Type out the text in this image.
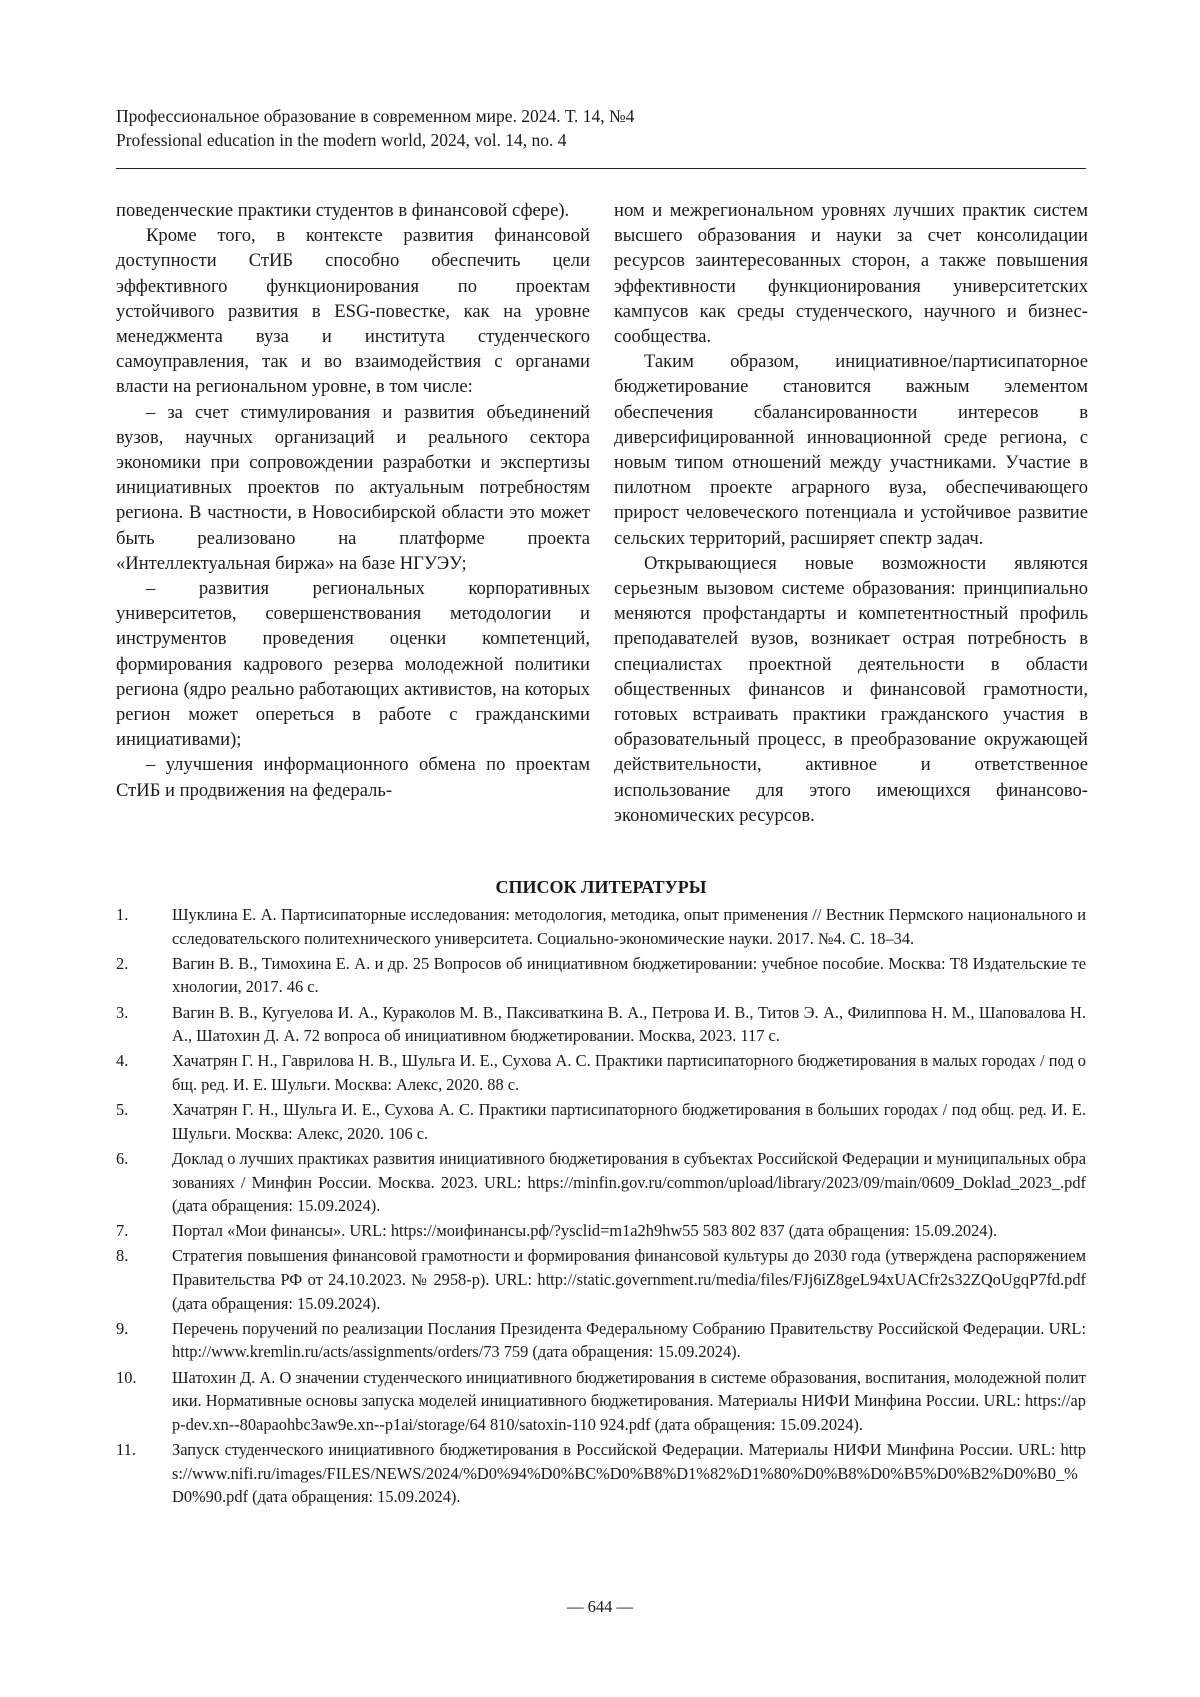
Профессиональное образование в современном мире. 2024. Т. 14, №4
Professional education in the modern world, 2024, vol. 14, no. 4

поведенческие практики студентов в финансовой сфере).

Кроме того, в контексте развития финансовой доступности СтИБ способно обеспечить цели эффективного функционирования по проектам устойчивого развития в ESG-повестке, как на уровне менеджмента вуза и института студенческого самоуправления, так и во взаимодействия с органами власти на региональном уровне, в том числе:

– за счет стимулирования и развития объединений вузов, научных организаций и реального сектора экономики при сопровождении разработки и экспертизы инициативных проектов по актуальным потребностям региона. В частности, в Новосибирской области это может быть реализовано на платформе проекта «Интеллектуальная биржа» на базе НГУЭУ;

– развития региональных корпоративных университетов, совершенствования методологии и инструментов проведения оценки компетенций, формирования кадрового резерва молодежной политики региона (ядро реально работающих активистов, на которых регион может опереться в работе с гражданскими инициативами);

– улучшения информационного обмена по проектам СтИБ и продвижения на федераль-

ном и межрегиональном уровнях лучших практик систем высшего образования и науки за счет консолидации ресурсов заинтересованных сторон, а также повышения эффективности функционирования университетских кампусов как среды студенческого, научного и бизнес-сообщества.

Таким образом, инициативное/партисипаторное бюджетирование становится важным элементом обеспечения сбалансированности интересов в диверсифицированной инновационной среде региона, с новым типом отношений между участниками. Участие в пилотном проекте аграрного вуза, обеспечивающего прирост человеческого потенциала и устойчивое развитие сельских территорий, расширяет спектр задач.

Открывающиеся новые возможности являются серьезным вызовом системе образования: принципиально меняются профстандарты и компетентностный профиль преподавателей вузов, возникает острая потребность в специалистах проектной деятельности в области общественных финансов и финансовой грамотности, готовых встраивать практики гражданского участия в образовательный процесс, в преобразование окружающей действительности, активное и ответственное использование для этого имеющихся финансово-экономических ресурсов.

СПИСОК ЛИТЕРАТУРЫ
1.	Шуклина Е. А. Партисипаторные исследования: методология, методика, опыт применения // Вестник Пермского национального исследовательского политехнического университета. Социально-экономические науки. 2017. №4. С. 18–34.
2.	Вагин В. В., Тимохина Е. А. и др. 25 Вопросов об инициативном бюджетировании: учебное пособие. Москва: Т8 Издательские технологии, 2017. 46 с.
3.	Вагин В. В., Кугуелова И. А., Кураколов М. В., Паксиваткина В. А., Петрова И. В., Титов Э. А., Филиппова Н. М., Шаповалова Н. А., Шатохин Д. А. 72 вопроса об инициативном бюджетировании. Москва, 2023. 117 с.
4.	Хачатрян Г. Н., Гаврилова Н. В., Шульга И. Е., Сухова А. С. Практики партисипаторного бюджетирования в малых городах / под общ. ред. И. Е. Шульги. Москва: Алекс, 2020. 88 с.
5.	Хачатрян Г. Н., Шульга И. Е., Сухова А. С. Практики партисипаторного бюджетирования в больших городах / под общ. ред. И. Е. Шульги. Москва: Алекс, 2020. 106 с.
6.	Доклад о лучших практиках развития инициативного бюджетирования в субъектах Российской Федерации и муниципальных образованиях / Минфин России. Москва. 2023. URL: https://minfin.gov.ru/common/upload/library/2023/09/main/0609_Doklad_2023_.pdf (дата обращения: 15.09.2024).
7.	Портал «Мои финансы». URL: https://моифинансы.рф/?ysclid=m1a2h9hw55 583 802 837 (дата обращения: 15.09.2024).
8.	Стратегия повышения финансовой грамотности и формирования финансовой культуры до 2030 года (утверждена распоряжением Правительства РФ от 24.10.2023. № 2958-р). URL: http://static.government.ru/media/files/FJj6iZ8geL94xUACfr2s32ZQoUgqP7fd.pdf (дата обращения: 15.09.2024).
9.	Перечень поручений по реализации Послания Президента Федеральному Собранию Правительству Российской Федерации. URL: http://www.kremlin.ru/acts/assignments/orders/73 759 (дата обращения: 15.09.2024).
10.	Шатохин Д. А. О значении студенческого инициативного бюджетирования в системе образования, воспитания, молодежной политики. Нормативные основы запуска моделей инициативного бюджетирования. Материалы НИФИ Минфина России. URL: https://app-dev.xn--80apaohbc3aw9e.xn--p1ai/storage/64 810/satoxin-110 924.pdf (дата обращения: 15.09.2024).
11.	Запуск студенческого инициативного бюджетирования в Российской Федерации. Материалы НИФИ Минфина России. URL: https://www.nifi.ru/images/FILES/NEWS/2024/%D0%94%D0%BC%D0%B8%D1%82%D1%80%D0%B8%D0%B5%D0%B2%D0%B0_%D0%90.pdf (дата обращения: 15.09.2024).
— 644 —
